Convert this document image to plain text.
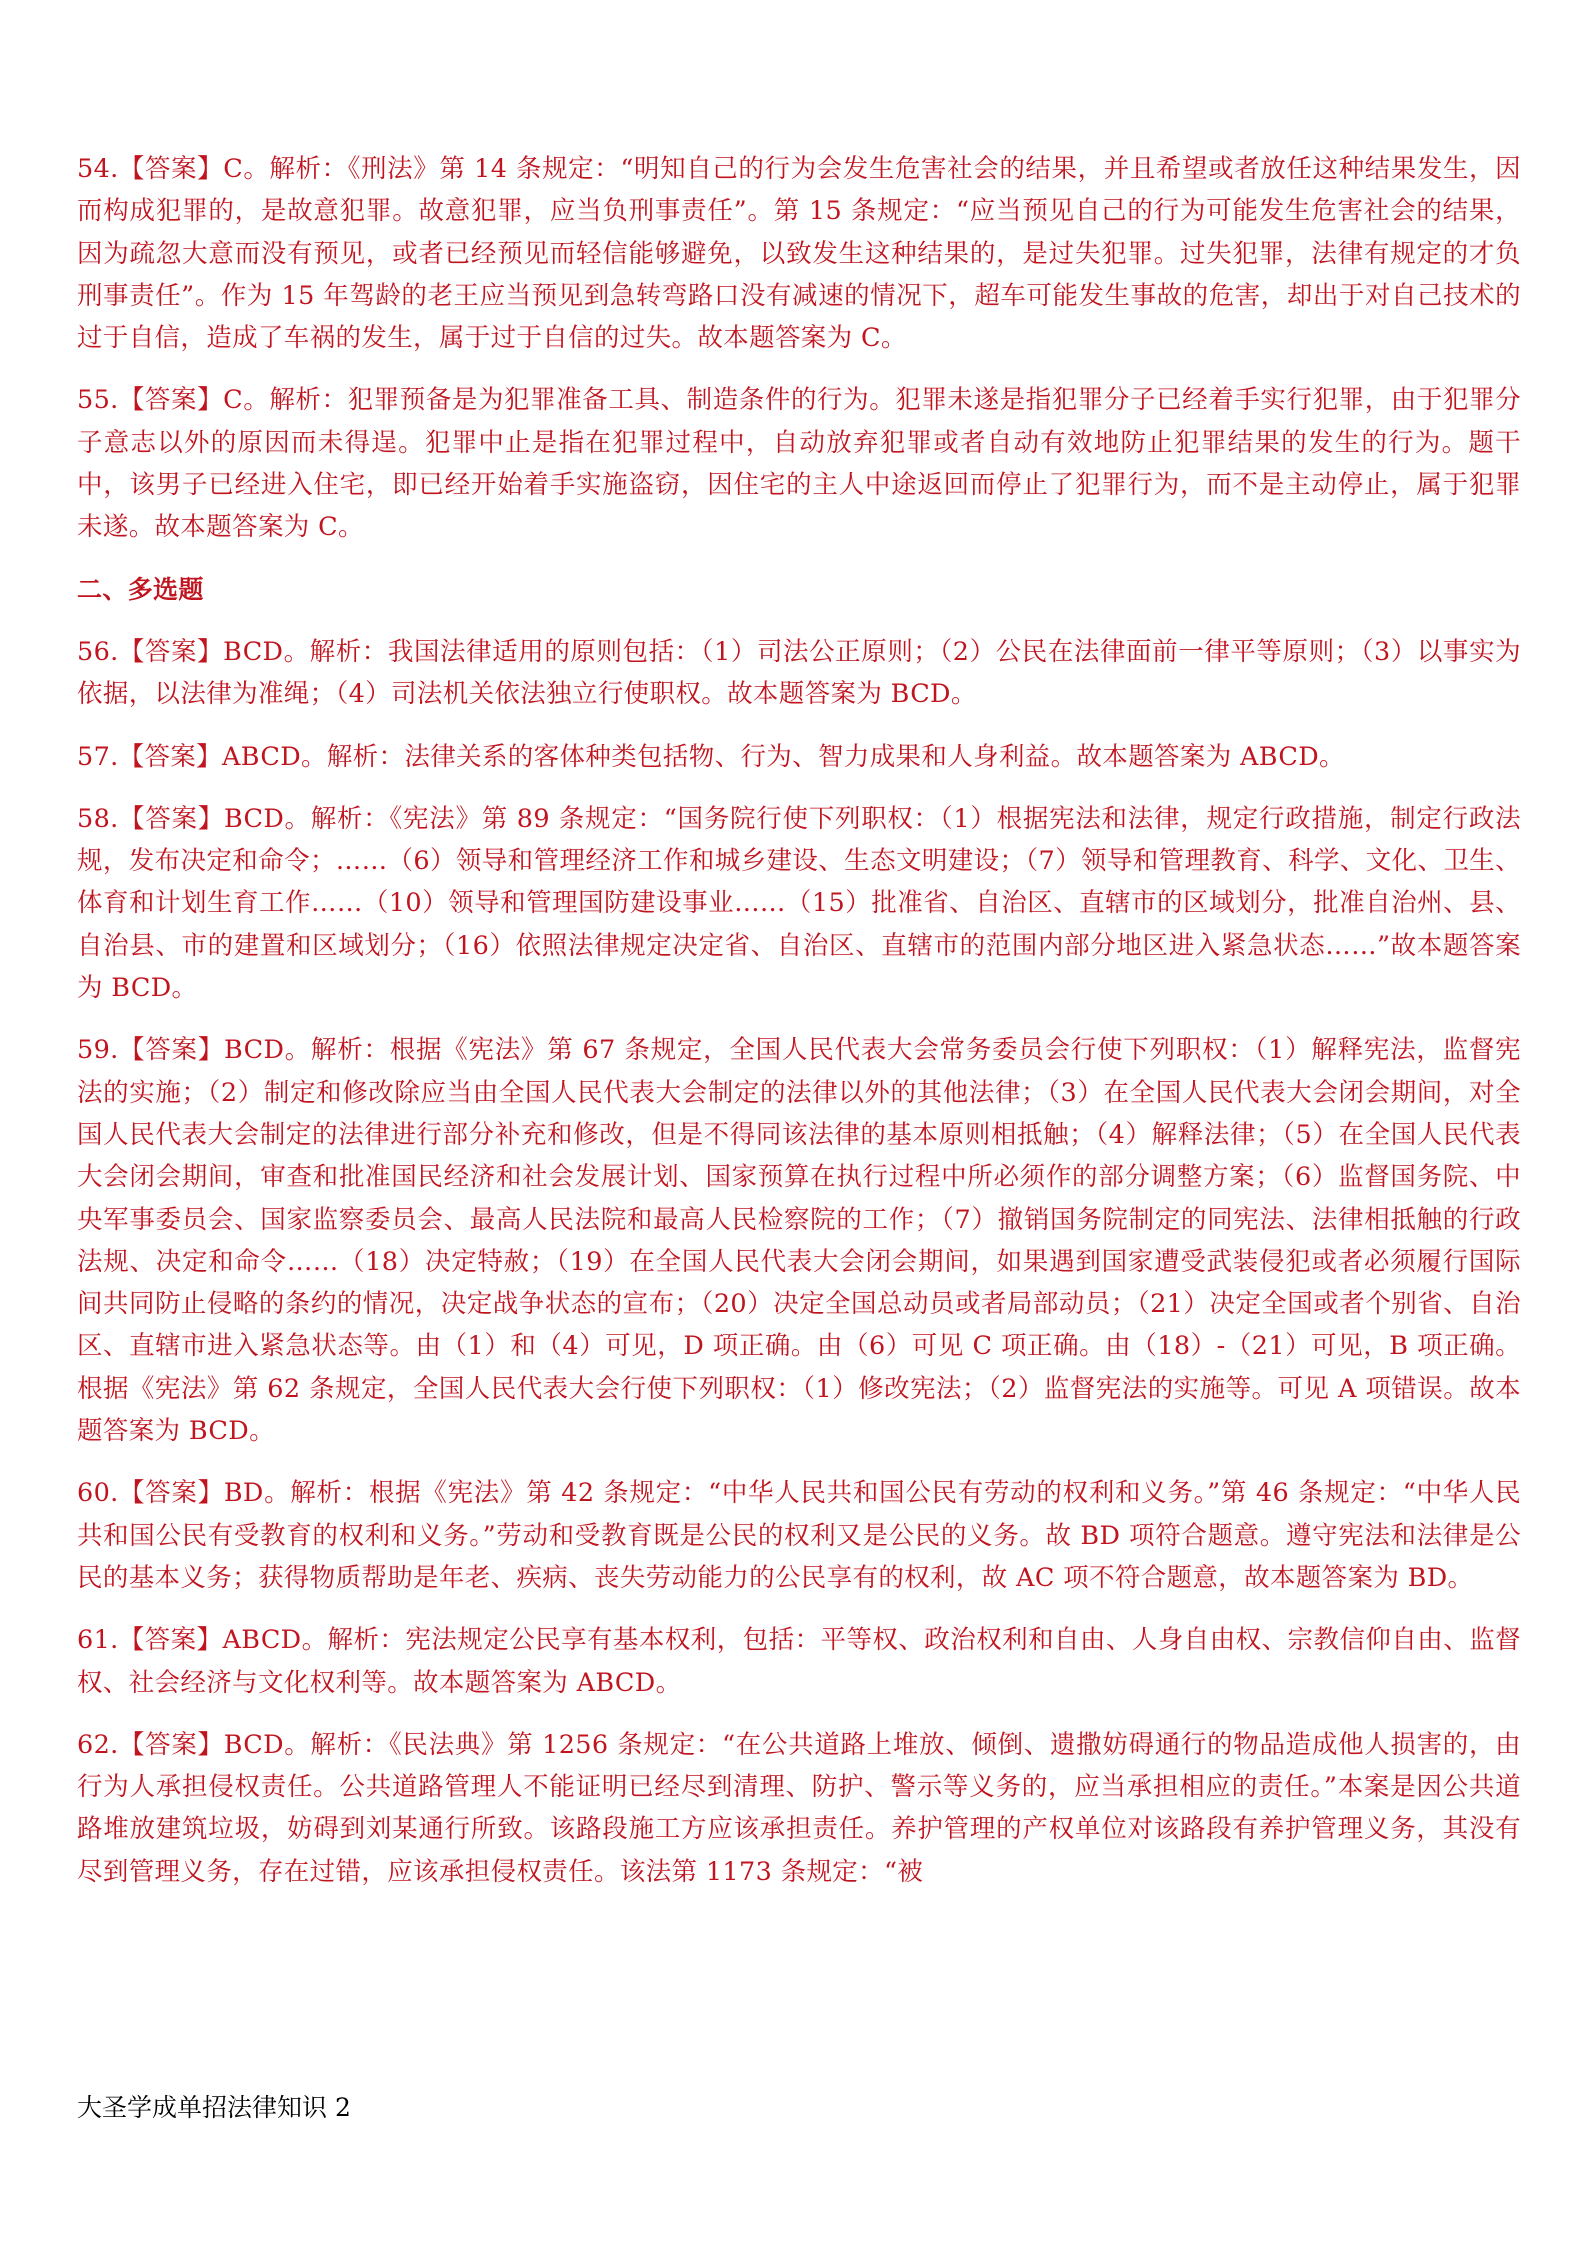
54.【答案】C。解析：《刑法》第 14 条规定：“明知自己的行为会发生危害社会的结果，并且希望或者放任这种结果发生，因而构成犯罪的，是故意犯罪。故意犯罪，应当负刑事责任”。第 15 条规定：“应当预见自己的行为可能发生危害社会的结果，因为疏忽大意而没有预见，或者已经预见而轻信能够避免，以致发生这种结果的，是过失犯罪。过失犯罪，法律有规定的才负刑事责任”。作为 15 年驾龄的老王应当预见到急转弯路口没有减速的情况下，超车可能发生事故的危害，却出于对自己技术的过于自信，造成了车祸的发生，属于过于自信的过失。故本题答案为 C。

55.【答案】C。解析：犯罪预备是为犯罪准备工具、制造条件的行为。犯罪未遂是指犯罪分子已经着手实行犯罪，由于犯罪分子意志以外的原因而未得逞。犯罪中止是指在犯罪过程中，自动放弃犯罪或者自动有效地防止犯罪结果的发生的行为。题干中，该男子已经进入住宅，即已经开始着手实施盗窃，因住宅的主人中途返回而停止了犯罪行为，而不是主动停止，属于犯罪未遂。故本题答案为 C。

二、多选题

56.【答案】BCD。解析：我国法律适用的原则包括：（1）司法公正原则；（2）公民在法律面前一律平等原则；（3）以事实为依据，以法律为准绳；（4）司法机关依法独立行使职权。故本题答案为 BCD。

57.【答案】ABCD。解析：法律关系的客体种类包括物、行为、智力成果和人身利益。故本题答案为 ABCD。

58.【答案】BCD。解析：《宪法》第 89 条规定：“国务院行使下列职权：（1）根据宪法和法律，规定行政措施，制定行政法规，发布决定和命令；……（6）领导和管理经济工作和城乡建设、生态文明建设；（7）领导和管理教育、科学、文化、卫生、体育和计划生育工作……（10）领导和管理国防建设事业……（15）批准省、自治区、直辖市的区域划分，批准自治州、县、自治县、市的建置和区域划分；（16）依照法律规定决定省、自治区、直辖市的范围内部分地区进入紧急状态……”故本题答案为 BCD。

59.【答案】BCD。解析：根据《宪法》第 67 条规定，全国人民代表大会常务委员会行使下列职权：（1）解释宪法，监督宪法的实施；（2）制定和修改除应当由全国人民代表大会制定的法律以外的其他法律；（3）在全国人民代表大会闭会期间，对全国人民代表大会制定的法律进行部分补充和修改，但是不得同该法律的基本原则相抵触；（4）解释法律；（5）在全国人民代表大会闭会期间，审查和批准国民经济和社会发展计划、国家预算在执行过程中所必须作的部分调整方案；（6）监督国务院、中央军事委员会、国家监察委员会、最高人民法院和最高人民检察院的工作；（7）撤销国务院制定的同宪法、法律相抵触的行政法规、决定和命令……（18）决定特赦；（19）在全国人民代表大会闭会期间，如果遇到国家遭受武装侵犯或者必须履行国际间共同防止侵略的条约的情况，决定战争状态的宣布；（20）决定全国总动员或者局部动员；（21）决定全国或者个别省、自治区、直辖市进入紧急状态等。由（1）和（4）可见，D 项正确。由（6）可见 C 项正确。由（18）-（21）可见，B 项正确。根据《宪法》第 62 条规定，全国人民代表大会行使下列职权：（1）修改宪法；（2）监督宪法的实施等。可见 A 项错误。故本题答案为 BCD。

60.【答案】BD。解析：根据《宪法》第 42 条规定：“中华人民共和国公民有劳动的权利和义务。”第 46 条规定：“中华人民共和国公民有受教育的权利和义务。”劳动和受教育既是公民的权利又是公民的义务。故 BD 项符合题意。遵守宪法和法律是公民的基本义务；获得物质帮助是年老、疾病、丧失劳动能力的公民享有的权利，故 AC 项不符合题意，故本题答案为 BD。

61.【答案】ABCD。解析：宪法规定公民享有基本权利，包括：平等权、政治权利和自由、人身自由权、宗教信仰自由、监督权、社会经济与文化权利等。故本题答案为 ABCD。

62.【答案】BCD。解析：《民法典》第 1256 条规定：“在公共道路上堆放、倾倒、遗撒妨碍通行的物品造成他人损害的，由行为人承担侵权责任。公共道路管理人不能证明已经尽到清理、防护、警示等义务的，应当承担相应的责任。”本案是因公共道路堆放建筑垃圾，妨碍到刘某通行所致。该路段施工方应该承担责任。养护管理的产权单位对该路段有养护管理义务，其没有尽到管理义务，存在过错，应该承担侵权责任。该法第 1173 条规定：“被

大圣学成单招法律知识 2
